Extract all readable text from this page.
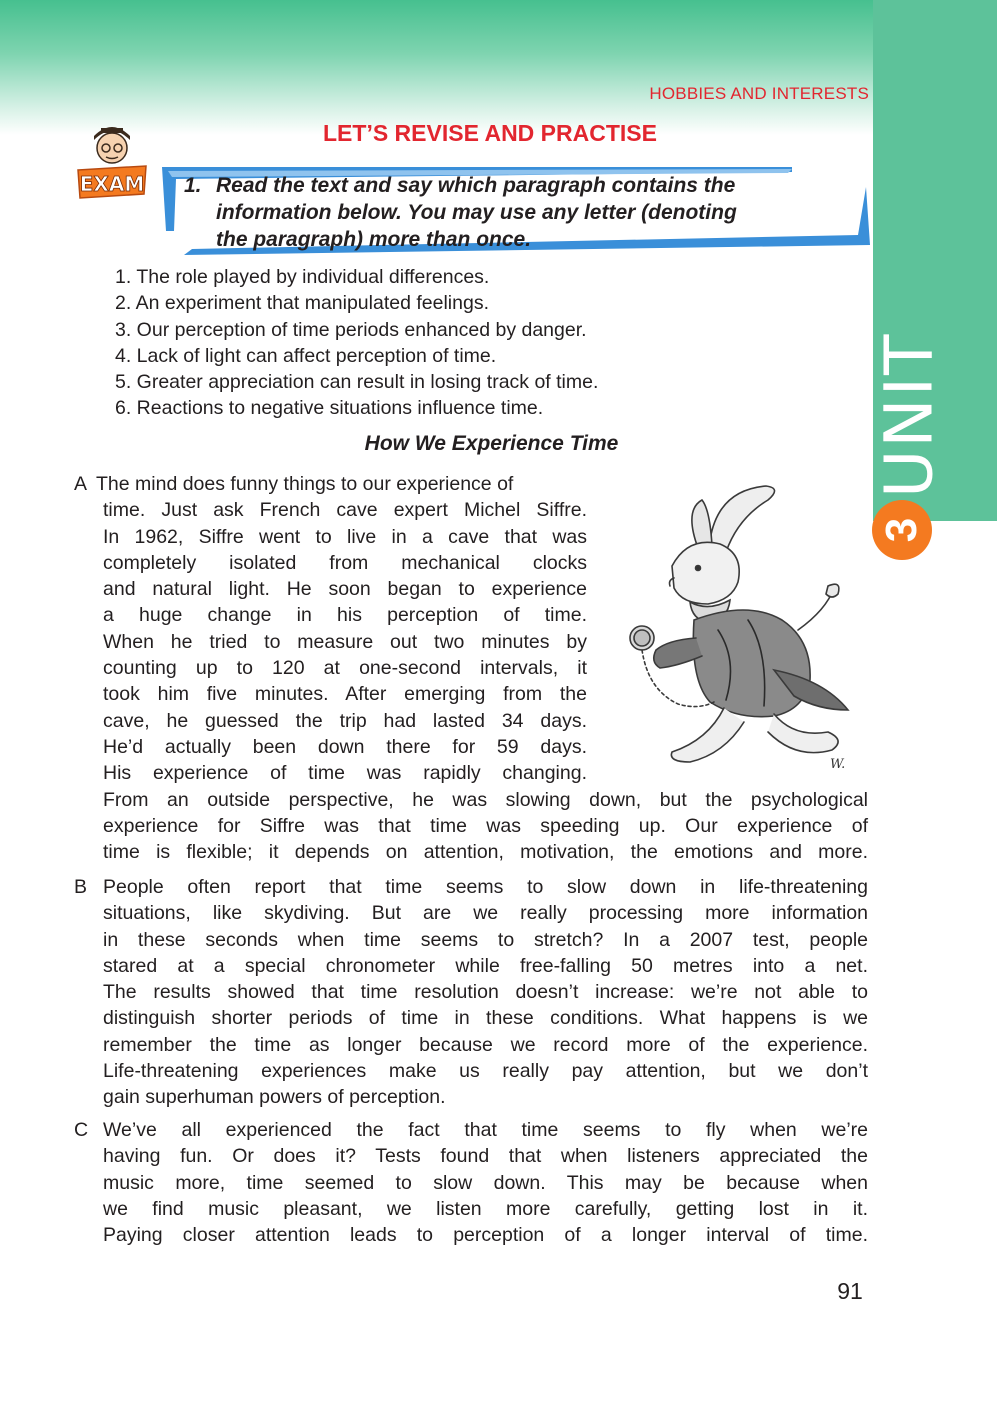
UNIT
3
HOBBIES AND INTERESTS
LET’S REVISE AND PRACTISE
EXAM 1. Read the text and say which paragraph contains the
information below. You may use any letter (denoting
the paragraph) more than once.
1. The role played by individual differences.
2. An experiment that manipulated feelings.
3. Our perception of time periods enhanced by danger.
4. Lack of light can affect perception of time.
5. Greater appreciation can result in losing track of time.
6. Reactions to negative situations influence time.
How We Experience Time
A The mind does funny things to our experience of
time. Just ask French cave expert Michel Siffre.
In 1962, Siffre went to live in a cave that was
completely isolated from mechanical clocks
and natural light. He soon began to experience
a huge change in his perception of time.
When he tried to measure out two minutes by
counting up to 120 at one-second intervals, it
took him five minutes. After emerging from the
cave, he guessed the trip had lasted 34 days.
He’d actually been down there for 59 days.
His experience of time was rapidly changing.
From an outside perspective, he was slowing down, but the psychological
experience for Siffre was that time was speeding up. Our experience of
time is flexible; it depends on attention, motivation, the emotions and more.
W.
B People often report that time seems to slow down in life-threatening
situations, like skydiving. But are we really processing more information
in these seconds when time seems to stretch? In a 2007 test, people
stared at a special chronometer while free-falling 50 metres into a net.
The results showed that time resolution doesn’t increase: we’re not able to
distinguish shorter periods of time in these conditions. What happens is we
remember the time as longer because we record more of the experience.
Life-threatening experiences make us really pay attention, but we don’t
gain superhuman powers of perception.
C We’ve all experienced the fact that time seems to fly when we’re
having fun. Or does it? Tests found that when listeners appreciated the
music more, time seemed to slow down. This may be because when
we find music pleasant, we listen more carefully, getting lost in it.
Paying closer attention leads to perception of a longer interval of time.
91
